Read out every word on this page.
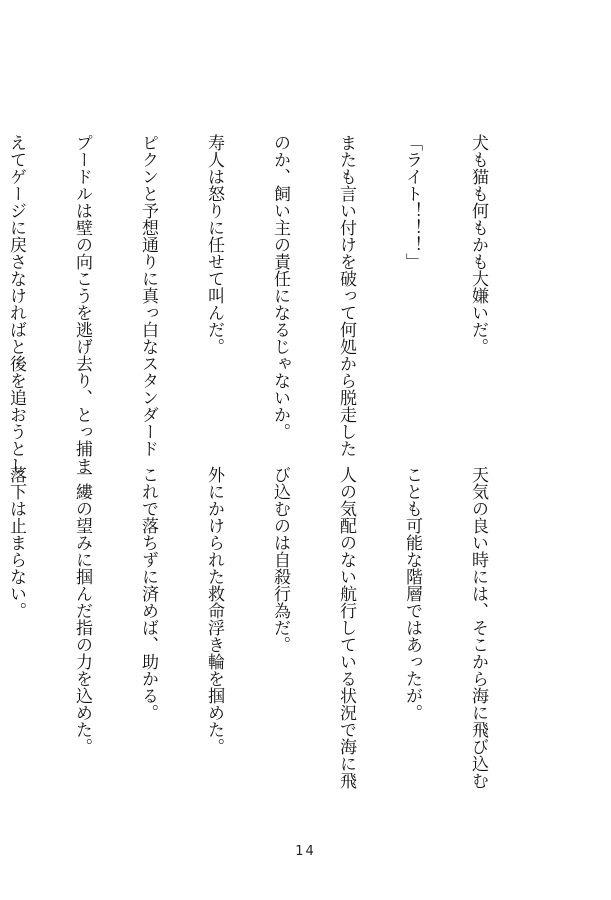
犬も猫も何もかも大嫌いだ。

「ライト！！！」

またも言い付けを破って何処から脱走した

のか、飼い主の責任になるじゃないか。

寿人は怒りに任せて叫んだ。

ピクンと予想通りに真っ白なスタンダード

プードルは壁の向こうを逃げ去り、とっ捕ま

えてゲージに戻さなければと後を追おうとし

天気の良い時には、そこから海に飛び込む

ことも可能な階層ではあったが。

人の気配のない航行している状況で海に飛

び込むのは自殺行為だ。

外にかけられた救命浮き輪を掴めた。

これで落ちずに済めば、助かる。

一縷の望みに掴んだ指の力を込めた。

落下は止まらない。

14
